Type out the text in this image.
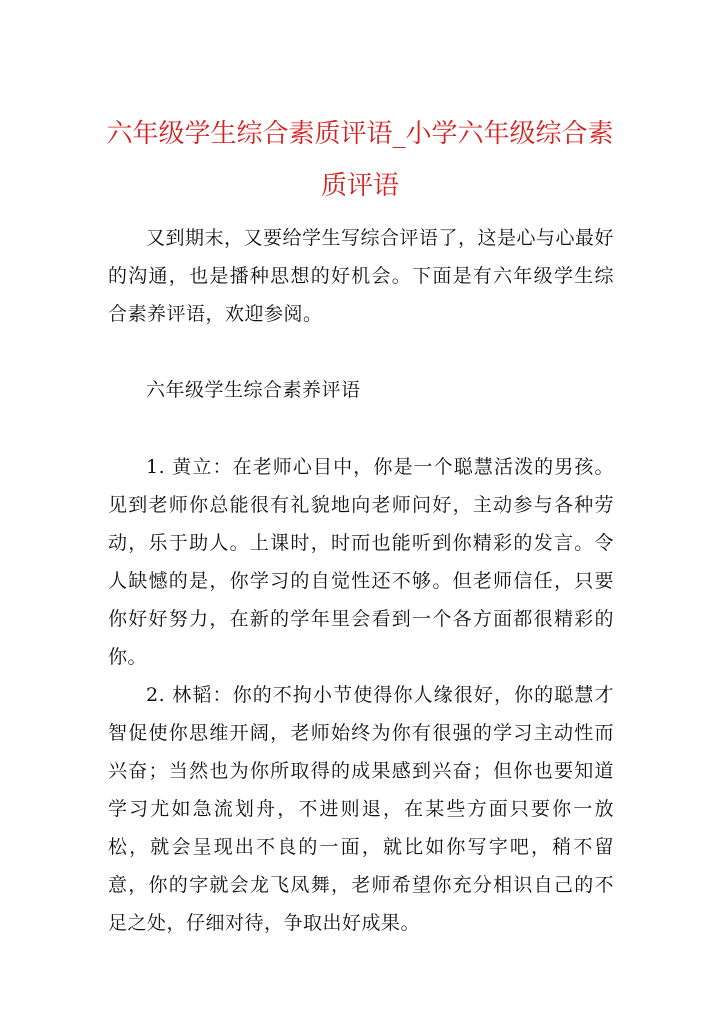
六年级学生综合素质评语_小学六年级综合素质评语

又到期末，又要给学生写综合评语了，这是心与心最好的沟通，也是播种思想的好机会。下面是有六年级学生综合素养评语，欢迎参阅。

六年级学生综合素养评语

1. 黄立：在老师心目中，你是一个聪慧活泼的男孩。见到老师你总能很有礼貌地向老师问好，主动参与各种劳动，乐于助人。上课时，时而也能听到你精彩的发言。令人缺憾的是，你学习的自觉性还不够。但老师信任，只要你好好努力，在新的学年里会看到一个各方面都很精彩的你。

2. 林韬：你的不拘小节使得你人缘很好，你的聪慧才智促使你思维开阔，老师始终为你有很强的学习主动性而兴奋；当然也为你所取得的成果感到兴奋；但你也要知道学习尤如急流划舟，不进则退，在某些方面只要你一放松，就会呈现出不良的一面，就比如你写字吧，稍不留意，你的字就会龙飞凤舞，老师希望你充分相识自己的不足之处，仔细对待，争取出好成果。
